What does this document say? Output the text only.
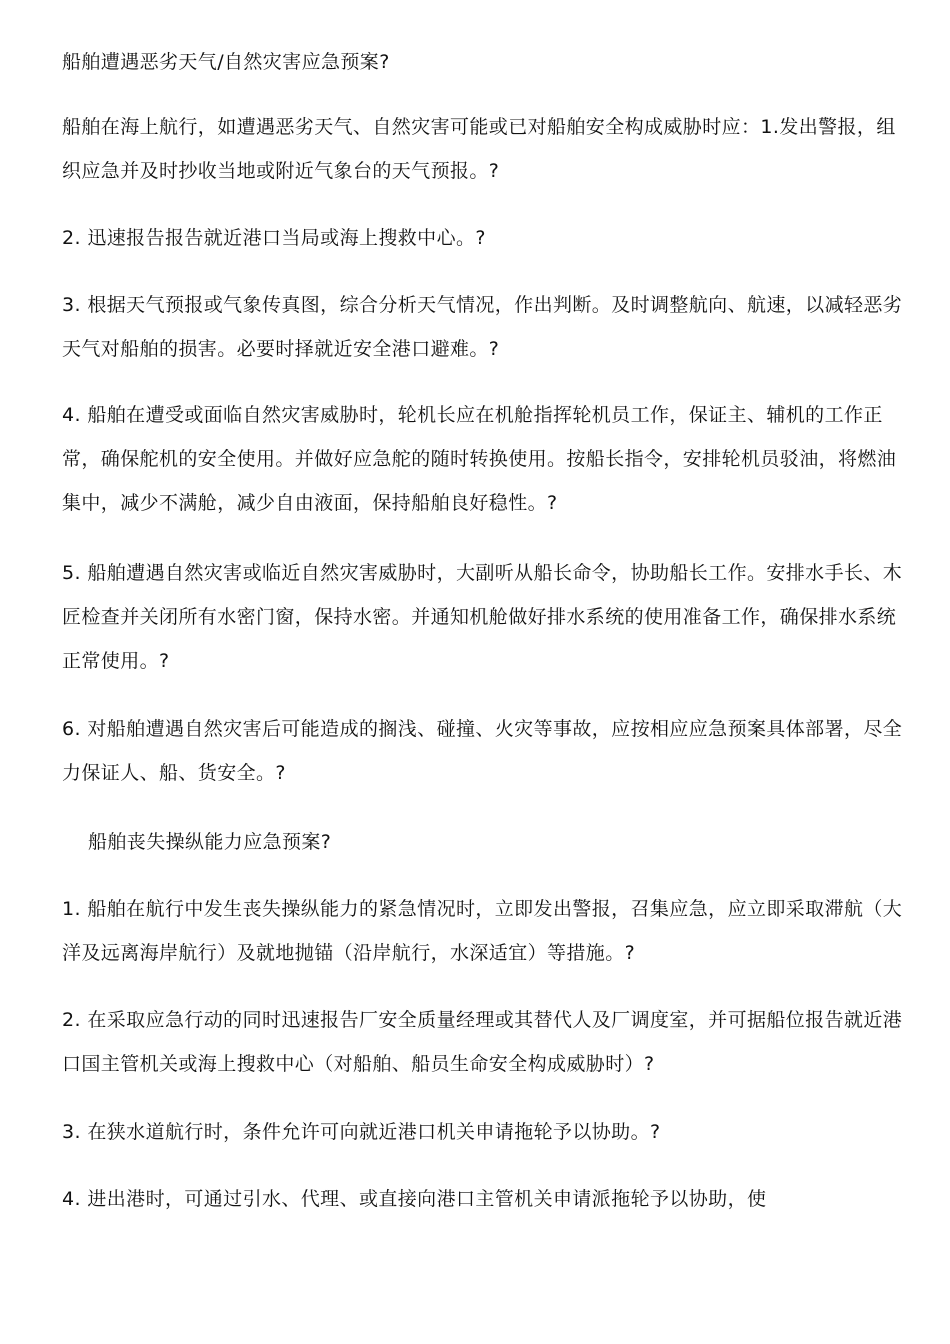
船舶遭遇恶劣天气/自然灾害应急预案?

船舶在海上航行，如遭遇恶劣天气、自然灾害可能或已对船舶安全构成威胁时应：1.发出警报，组织应急并及时抄收当地或附近气象台的天气预报。?

2. 迅速报告报告就近港口当局或海上搜救中心。?

3. 根据天气预报或气象传真图，综合分析天气情况，作出判断。及时调整航向、航速，以减轻恶劣天气对船舶的损害。必要时择就近安全港口避难。?

4. 船舶在遭受或面临自然灾害威胁时，轮机长应在机舱指挥轮机员工作，保证主、辅机的工作正常，确保舵机的安全使用。并做好应急舵的随时转换使用。按船长指令，安排轮机员驳油，将燃油集中，减少不满舱，减少自由液面，保持船舶良好稳性。?

5. 船舶遭遇自然灾害或临近自然灾害威胁时，大副听从船长命令，协助船长工作。安排水手长、木匠检查并关闭所有水密门窗，保持水密。并通知机舱做好排水系统的使用准备工作，确保排水系统正常使用。?

6. 对船舶遭遇自然灾害后可能造成的搁浅、碰撞、火灾等事故，应按相应应急预案具体部署，尽全力保证人、船、货安全。?

船舶丧失操纵能力应急预案?

1. 船舶在航行中发生丧失操纵能力的紧急情况时，立即发出警报，召集应急，应立即采取滞航（大洋及远离海岸航行）及就地抛锚（沿岸航行，水深适宜）等措施。?

2. 在采取应急行动的同时迅速报告厂安全质量经理或其替代人及厂调度室，并可据船位报告就近港口国主管机关或海上搜救中心（对船舶、船员生命安全构成威胁时）?

3. 在狭水道航行时，条件允许可向就近港口机关申请拖轮予以协助。?

4. 进出港时，可通过引水、代理、或直接向港口主管机关申请派拖轮予以协助，使
